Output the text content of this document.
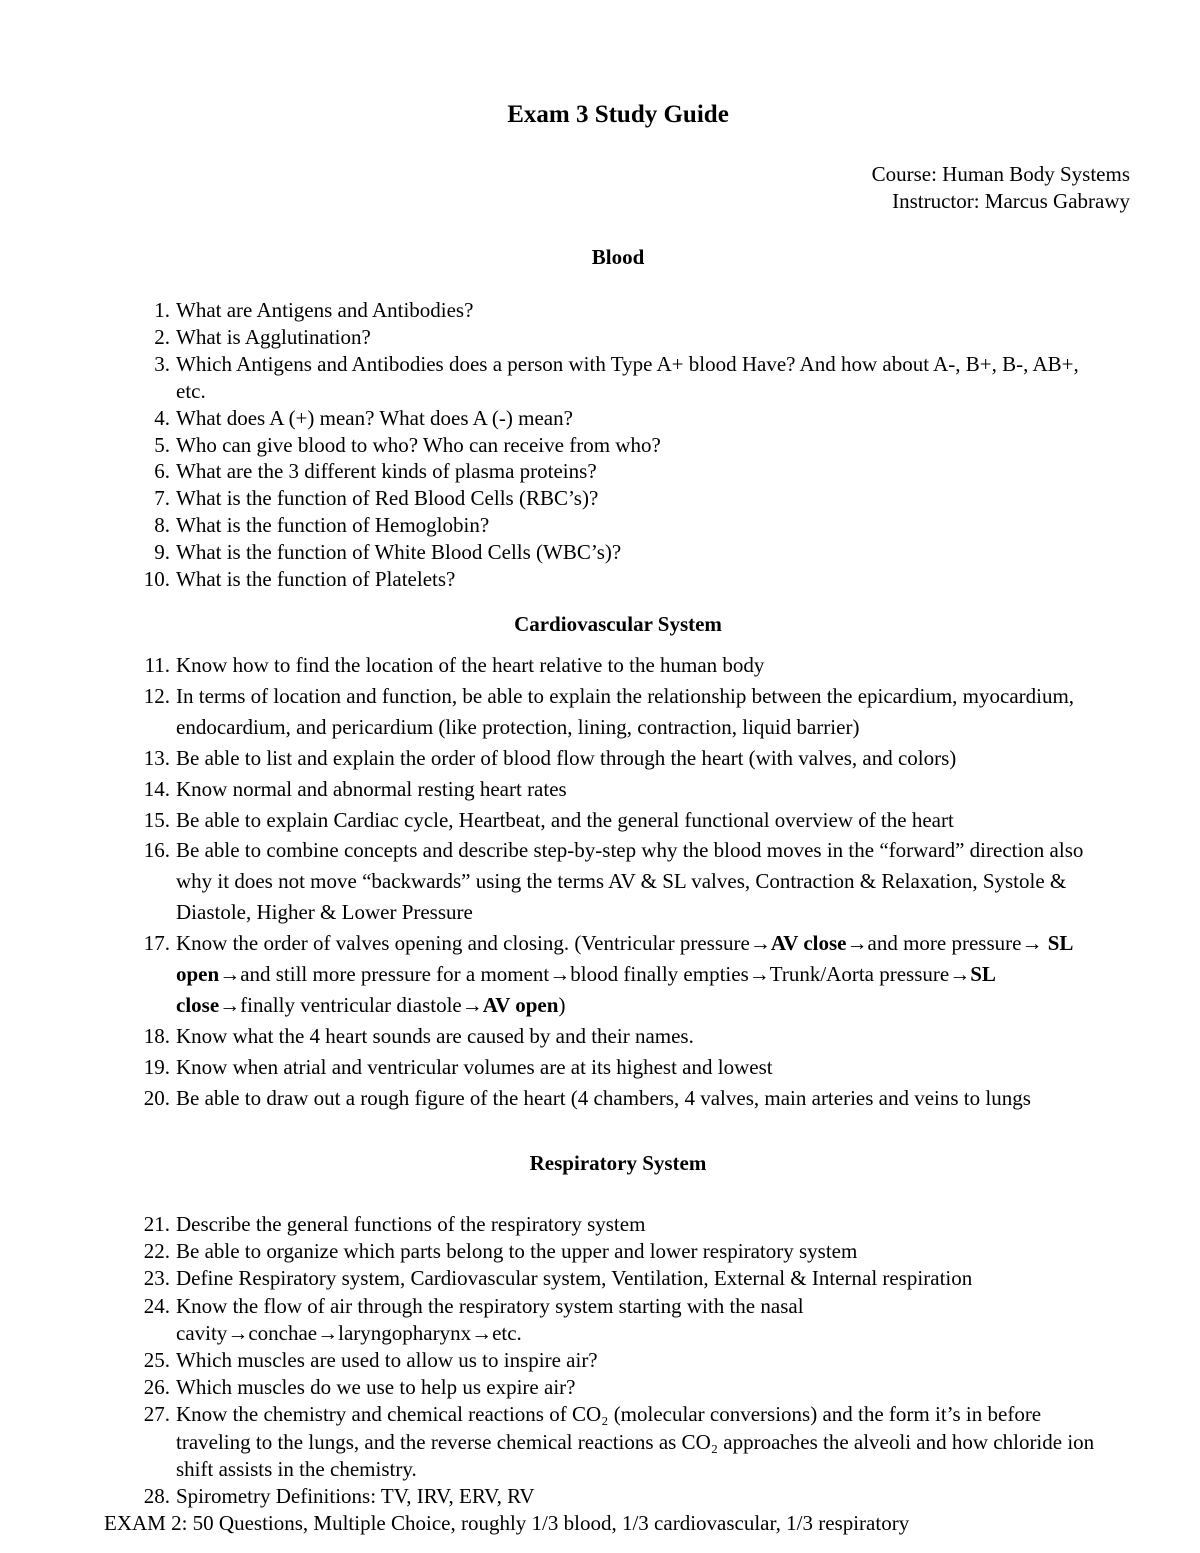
Exam 3 Study Guide
Course: Human Body Systems
Instructor: Marcus Gabrawy
Blood
1. What are Antigens and Antibodies?
2. What is Agglutination?
3. Which Antigens and Antibodies does a person with Type A+ blood Have? And how about A-, B+, B-, AB+, etc.
4. What does A (+) mean? What does A (-) mean?
5. Who can give blood to who? Who can receive from who?
6. What are the 3 different kinds of plasma proteins?
7. What is the function of Red Blood Cells (RBC’s)?
8. What is the function of Hemoglobin?
9. What is the function of White Blood Cells (WBC’s)?
10. What is the function of Platelets?
Cardiovascular System
11. Know how to find the location of the heart relative to the human body
12. In terms of location and function, be able to explain the relationship between the epicardium, myocardium, endocardium, and pericardium (like protection, lining, contraction, liquid barrier)
13. Be able to list and explain the order of blood flow through the heart (with valves, and colors)
14. Know normal and abnormal resting heart rates
15. Be able to explain Cardiac cycle, Heartbeat, and the general functional overview of the heart
16. Be able to combine concepts and describe step-by-step why the blood moves in the “forward” direction also why it does not move “backwards” using the terms AV & SL valves, Contraction & Relaxation, Systole & Diastole, Higher & Lower Pressure
17. Know the order of valves opening and closing. (Ventricular pressure→AV close→and more pressure→ SL open→and still more pressure for a moment→blood finally empties→Trunk/Aorta pressure→SL close→finally ventricular diastole→AV open)
18. Know what the 4 heart sounds are caused by and their names.
19. Know when atrial and ventricular volumes are at its highest and lowest
20. Be able to draw out a rough figure of the heart (4 chambers, 4 valves, main arteries and veins to lungs
Respiratory System
21. Describe the general functions of the respiratory system
22. Be able to organize which parts belong to the upper and lower respiratory system
23. Define Respiratory system, Cardiovascular system, Ventilation, External & Internal respiration
24. Know the flow of air through the respiratory system starting with the nasal cavity→conchae→laryngopharynx→etc.
25. Which muscles are used to allow us to inspire air?
26. Which muscles do we use to help us expire air?
27. Know the chemistry and chemical reactions of CO₂ (molecular conversions) and the form it’s in before traveling to the lungs, and the reverse chemical reactions as CO₂ approaches the alveoli and how chloride ion shift assists in the chemistry.
28. Spirometry Definitions: TV, IRV, ERV, RV
EXAM 2: 50 Questions, Multiple Choice, roughly 1/3 blood, 1/3 cardiovascular, 1/3 respiratory
